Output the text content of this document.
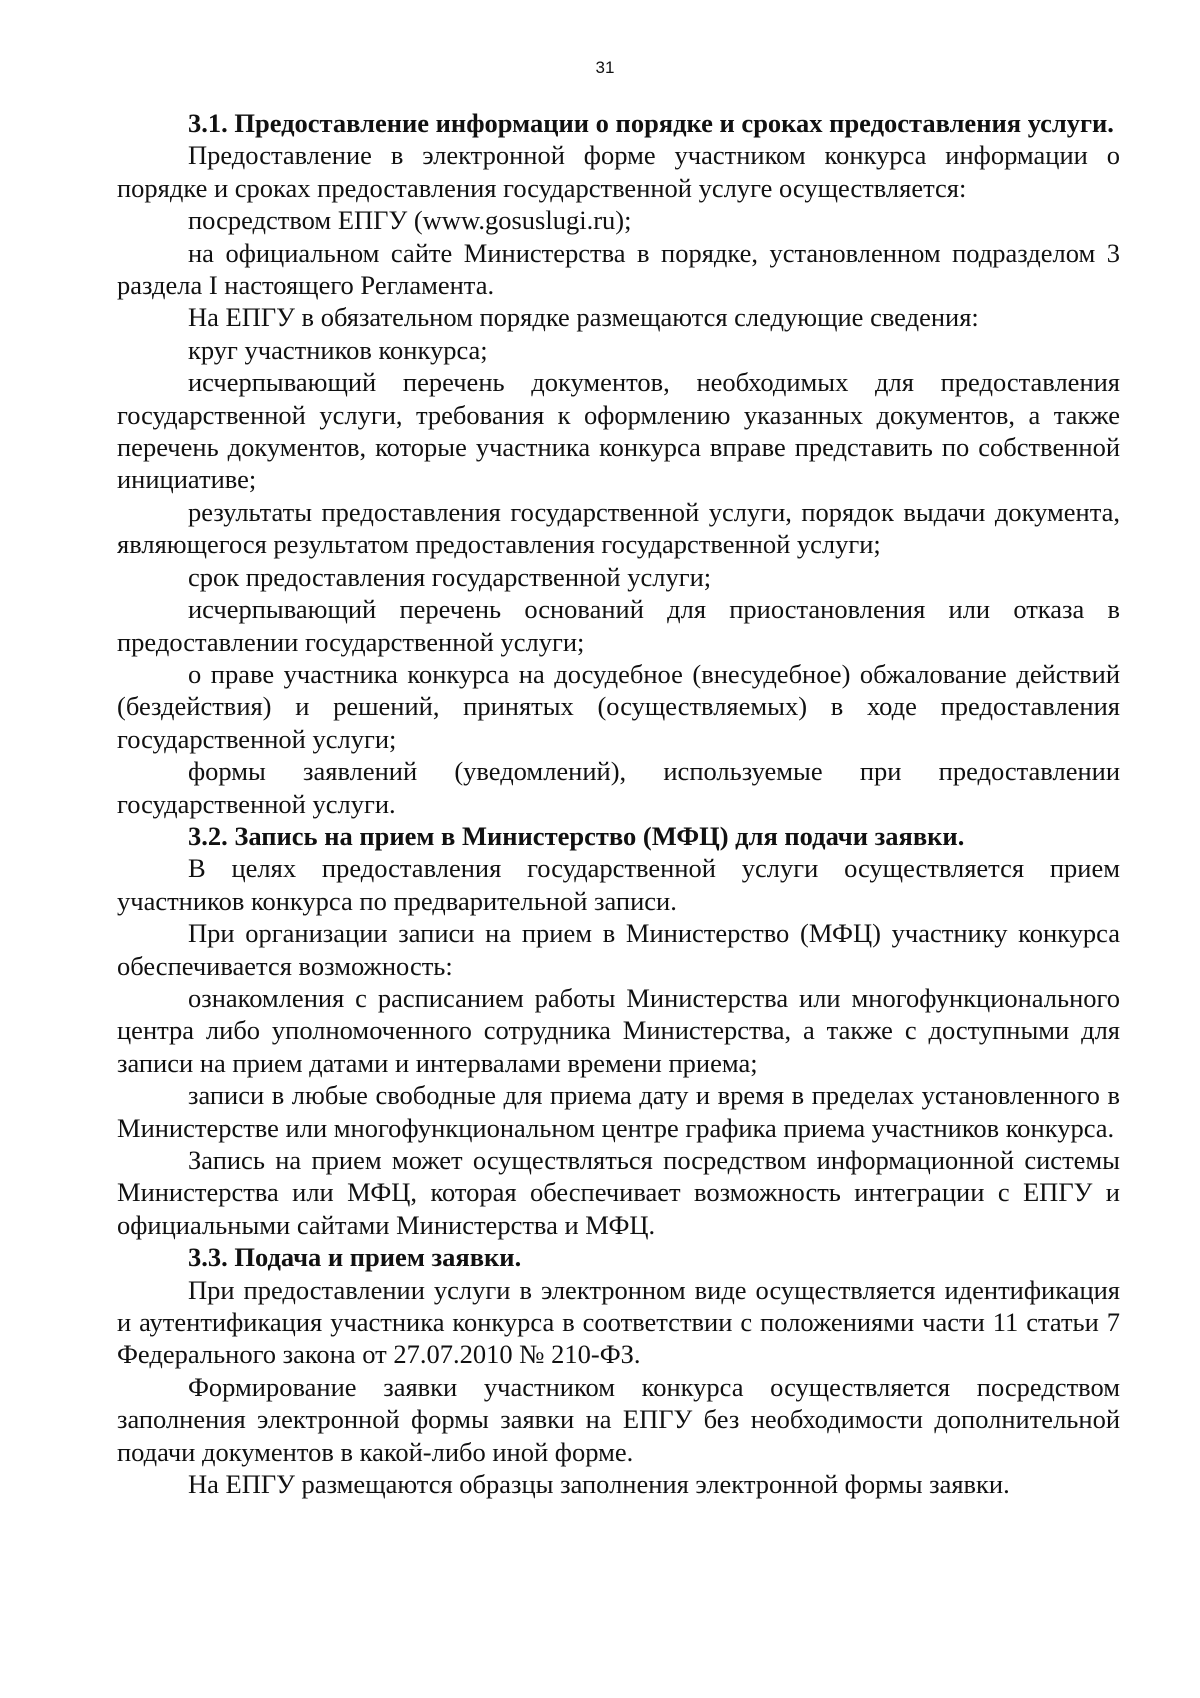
31

3.1. Предоставление информации о порядке и сроках предоставления услуги.

Предоставление в электронной форме участником конкурса информации о порядке и сроках предоставления государственной услуге осуществляется:

посредством ЕПГУ (www.gosuslugi.ru);

на официальном сайте Министерства в порядке, установленном подразделом 3 раздела I настоящего Регламента.

На ЕПГУ в обязательном порядке размещаются следующие сведения:

круг участников конкурса;

исчерпывающий перечень документов, необходимых для предоставления государственной услуги, требования к оформлению указанных документов, а также перечень документов, которые участника конкурса вправе представить по собственной инициативе;

результаты предоставления государственной услуги, порядок выдачи документа, являющегося результатом предоставления государственной услуги;

срок предоставления государственной услуги;

исчерпывающий перечень оснований для приостановления или отказа в предоставлении государственной услуги;

о праве участника конкурса на досудебное (внесудебное) обжалование действий (бездействия) и решений, принятых (осуществляемых) в ходе предоставления государственной услуги;

формы заявлений (уведомлений), используемые при предоставлении государственной услуги.

3.2. Запись на прием в Министерство (МФЦ) для подачи заявки.

В целях предоставления государственной услуги осуществляется прием участников конкурса по предварительной записи.

При организации записи на прием в Министерство (МФЦ) участнику конкурса обеспечивается возможность:

ознакомления с расписанием работы Министерства или многофункционального центра либо уполномоченного сотрудника Министерства, а также с доступными для записи на прием датами и интервалами времени приема;

записи в любые свободные для приема дату и время в пределах установленного в Министерстве или многофункциональном центре графика приема участников конкурса.

Запись на прием может осуществляться посредством информационной системы Министерства или МФЦ, которая обеспечивает возможность интеграции с ЕПГУ и официальными сайтами Министерства и МФЦ.

3.3. Подача и прием заявки.

При предоставлении услуги в электронном виде осуществляется идентификация и аутентификация участника конкурса в соответствии с положениями части 11 статьи 7 Федерального закона от 27.07.2010 № 210-ФЗ.

Формирование заявки участником конкурса осуществляется посредством заполнения электронной формы заявки на ЕПГУ без необходимости дополнительной подачи документов в какой-либо иной форме.

На ЕПГУ размещаются образцы заполнения электронной формы заявки.
